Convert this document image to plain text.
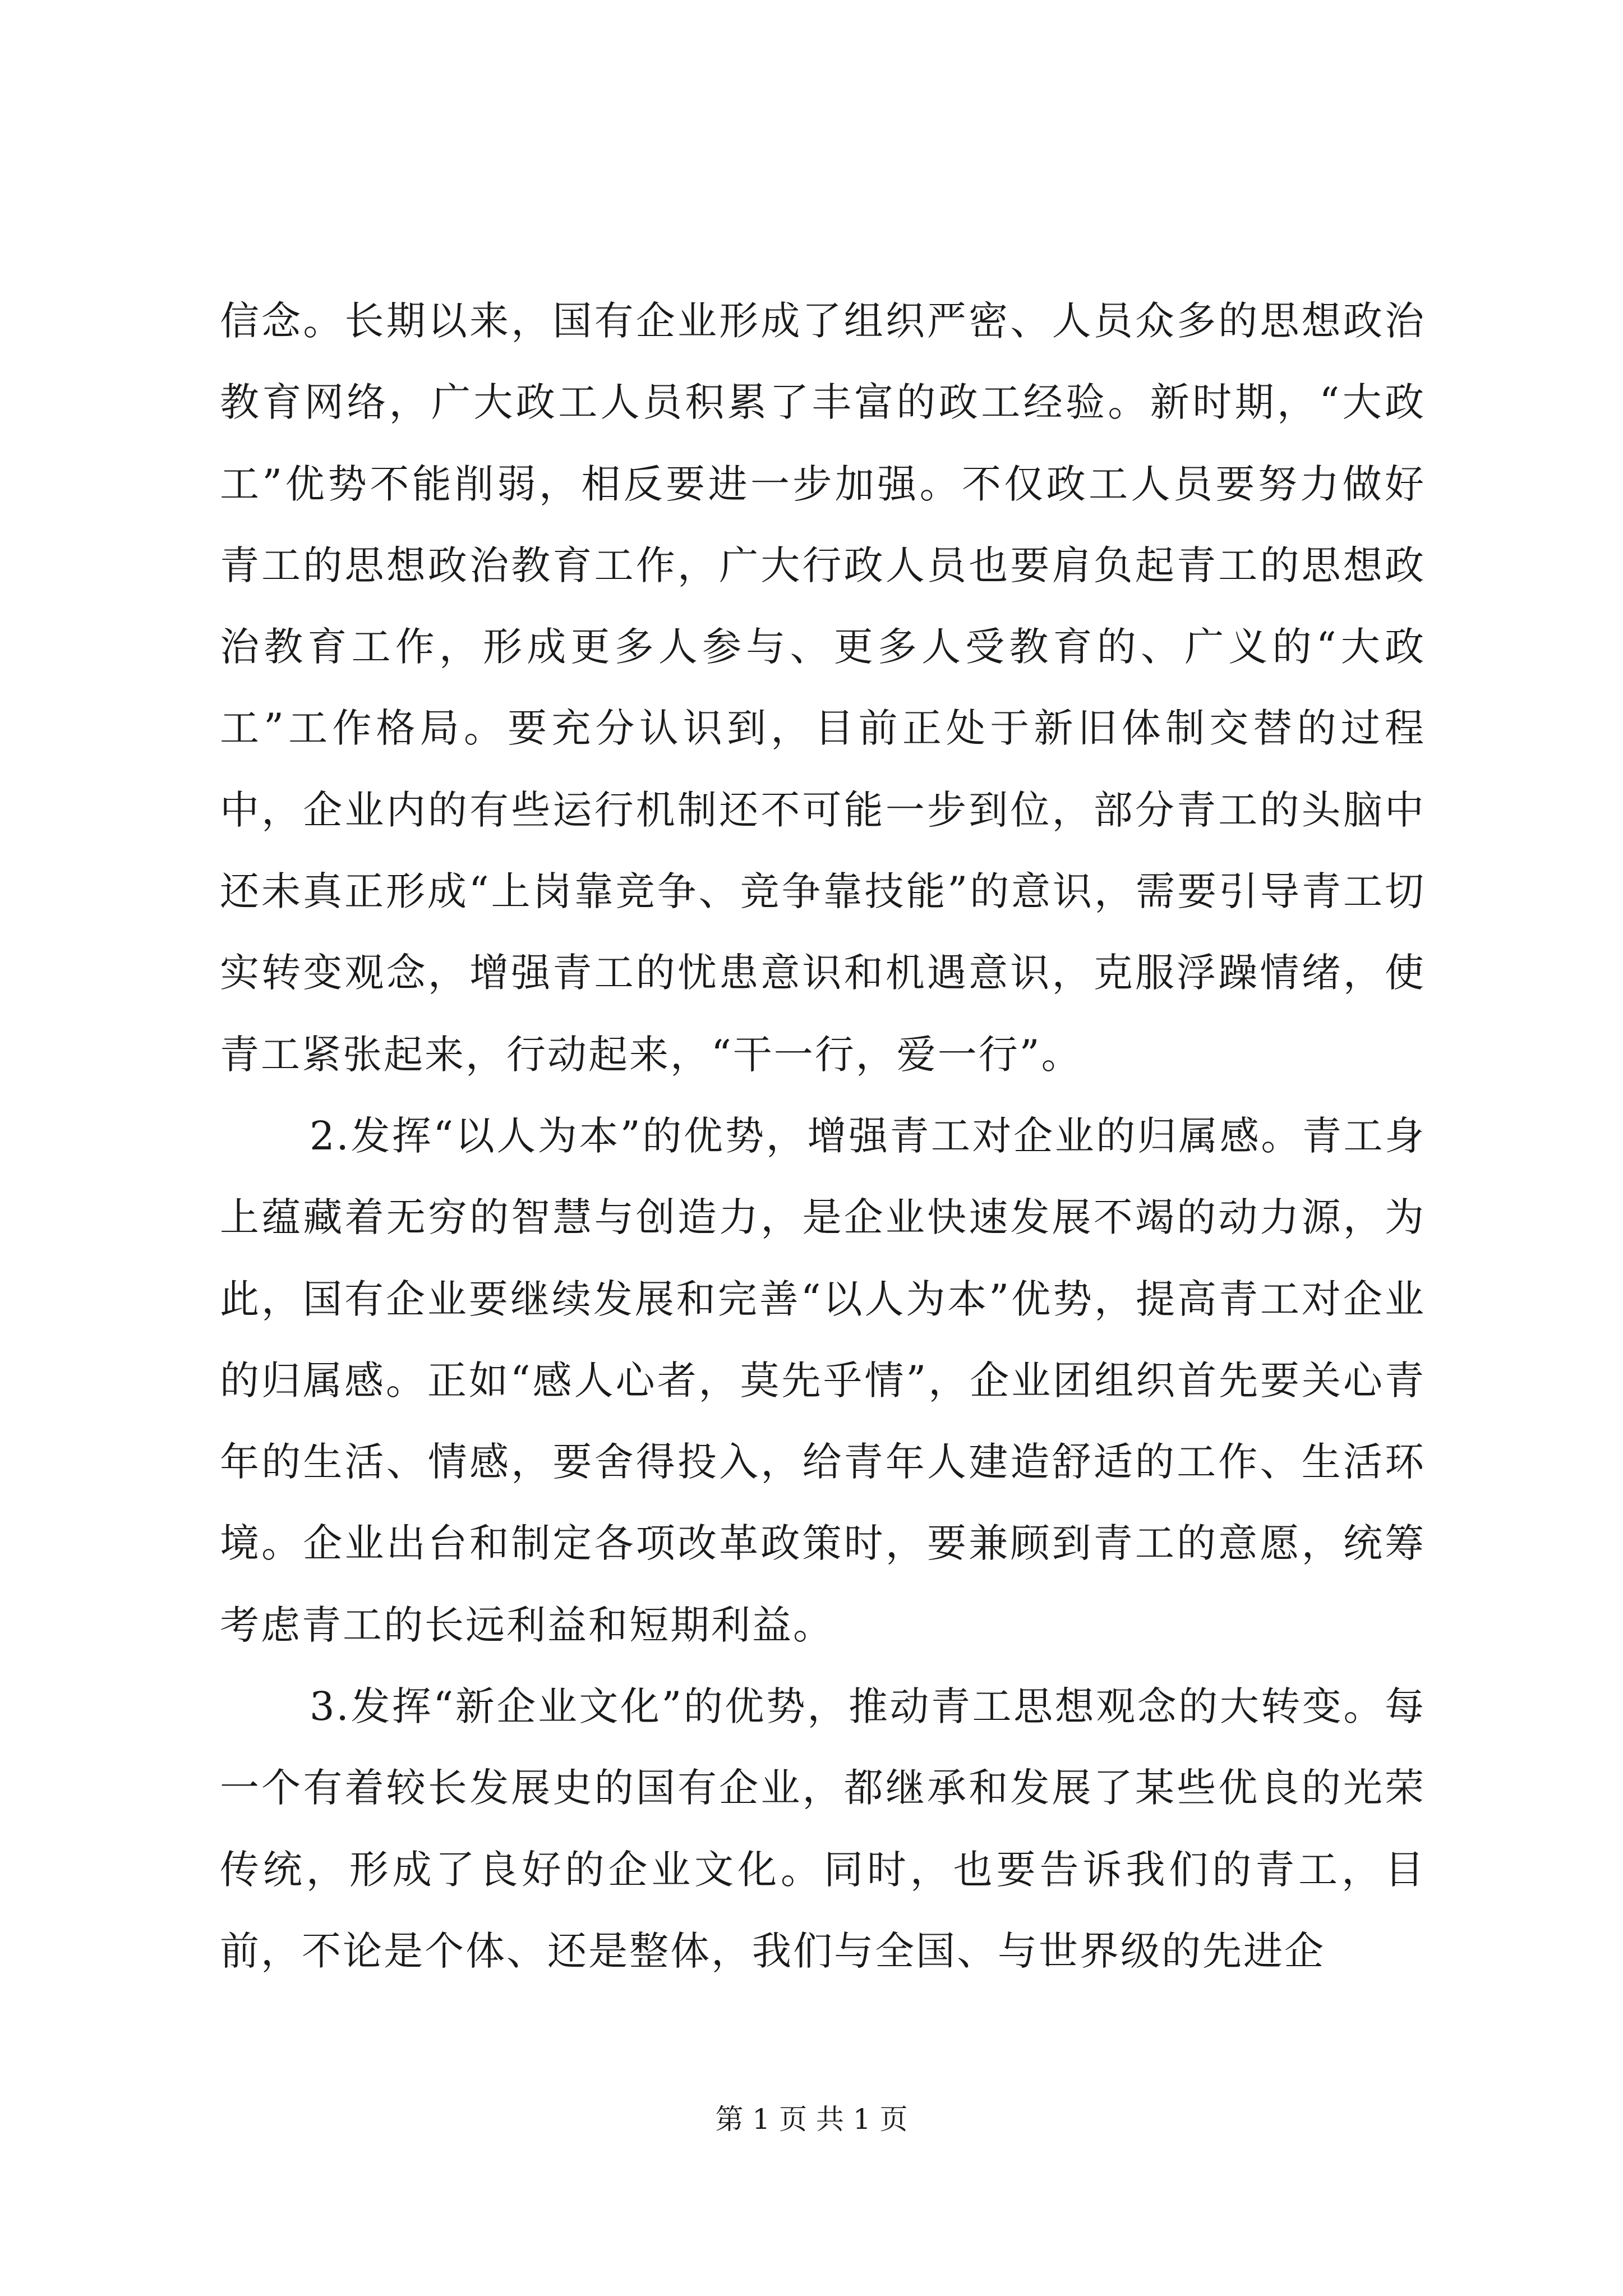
信念。长期以来，国有企业形成了组织严密、人员众多的思想政治教育网络，广大政工人员积累了丰富的政工经验。新时期，“大政工”优势不能削弱，相反要进一步加强。不仅政工人员要努力做好青工的思想政治教育工作，广大行政人员也要肩负起青工的思想政治教育工作，形成更多人参与、更多人受教育的、广义的“大政工”工作格局。要充分认识到，目前正处于新旧体制交替的过程中，企业内的有些运行机制还不可能一步到位，部分青工的头脑中还未真正形成“上岗靠竞争、竞争靠技能”的意识，需要引导青工切实转变观念，增强青工的忧患意识和机遇意识，克服浮躁情绪，使青工紧张起来，行动起来，“干一行，爱一行”。

2.发挥“以人为本”的优势，增强青工对企业的归属感。青工身上蕴藏着无穷的智慧与创造力，是企业快速发展不竭的动力源，为此，国有企业要继续发展和完善“以人为本”优势，提高青工对企业的归属感。正如“感人心者，莫先乎情”，企业团组织首先要关心青年的生活、情感，要舍得投入，给青年人建造舒适的工作、生活环境。企业出台和制定各项改革政策时，要兼顾到青工的意愿，统筹考虑青工的长远利益和短期利益。

3.发挥“新企业文化”的优势，推动青工思想观念的大转变。每一个有着较长发展史的国有企业，都继承和发展了某些优良的光荣传统，形成了良好的企业文化。同时，也要告诉我们的青工，目前，不论是个体、还是整体，我们与全国、与世界级的先进企

第 1 页 共 1 页
